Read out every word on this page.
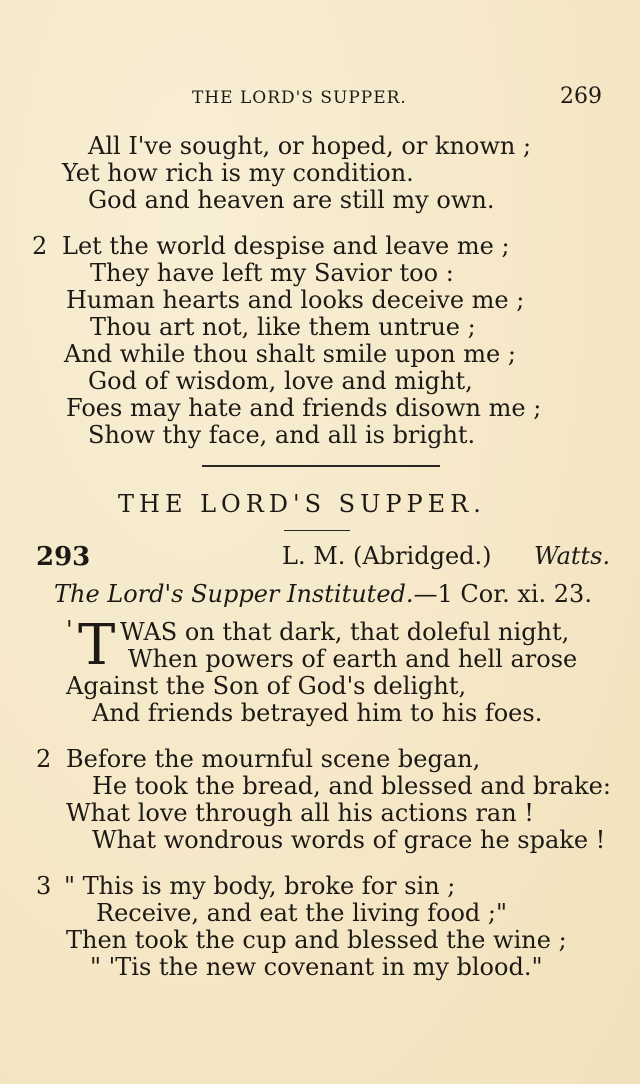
THE LORD'S SUPPER.	269
All I've sought, or hoped, or known ;
Yet how rich is my condition.
God and heaven are still my own.
2 Let the world despise and leave me ;
They have left my Savior too :
Human hearts and looks deceive me ;
Thou art not, like them untrue ;
And while thou shalt smile upon me ;
God of wisdom, love and might,
Foes may hate and friends disown me ;
Show thy face, and all is bright.
THE LORD'S SUPPER.
293	L. M. (Abridged.) Watts.
The Lord's Supper Instituted.—1 Cor. xi. 23.
' T WAS on that dark, that doleful night,
When powers of earth and hell arose
Against the Son of God's delight,
And friends betrayed him to his foes.
2 Before the mournful scene began,
He took the bread, and blessed and brake:
What love through all his actions ran !
What wondrous words of grace he spake !
3 " This is my body, broke for sin ;
Receive, and eat the living food ;"
Then took the cup and blessed the wine ;
" 'Tis the new covenant in my blood."
